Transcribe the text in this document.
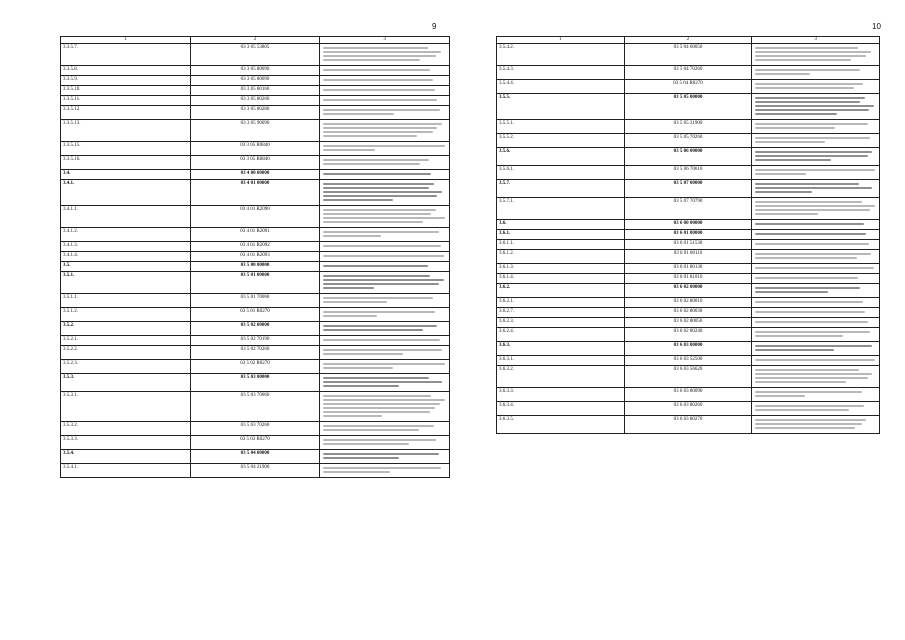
9	10
1	2	3
3.3.5.7.	03 3 05 53805	

3.3.5.8.	03 3 05 80090	

3.3.5.9.	03 3 05 80090	

3.3.5.10.	03 3 05 80160	

3.3.5.11.	03 3 05 80260	

3.3.5.12.	03 3 05 80280	

3.3.5.13.	03 3 05 90090	

3.3.5.15.	03 3 05 R0840	

3.3.5.16.	03 3 05 R0840	

3.4.	03 4 00 00000	

3.4.1.	03 4 01 00000	

3.4.1.1.	03 4 01 R2090	

3.4.1.2.	03 4 01 R2091	

3.4.1.3.	03 4 01 R2092	

3.4.1.4.	03 4 01 R2093	

3.5.	03 5 00 00000	

3.5.1.	03 5 01 00000	

3.5.1.1.	03 5 01 70060	

3.5.1.2.	03 5 01 R0270	

3.5.2.	03 5 02 00000	

3.5.2.1.	03 5 02 70190	

3.5.2.2.	03 5 02 70260	

3.5.2.3.	03 5 02 R0270	

3.5.3.	03 5 03 00000	

3.5.3.1.	03 5 03 70060	

3.5.3.2.	03 5 03 70260	

3.5.3.3.	03 5 03 R0270	

3.5.4.	03 5 04 00000	

3.5.4.1.	03 5 04 21900	
1	2	3
3.5.4.2.	03 5 04 60050	

3.5.4.3.	03 5 04 70260	

3.5.4.4.	03 5 04 R0270	

3.5.5.	03 5 05 00000	

3.5.5.1.	03 5 05 21900	

3.5.5.2.	03 5 05 70260	

3.5.6.	03 5 06 00000	

3.5.6.1.	03 5 06 70610	

3.5.7.	03 5 07 00000	

3.5.7.1.	03 5 07 70790	

3.6.	03 6 00 00000	

3.6.1.	03 6 01 00000	

3.6.1.1.	03 6 01 51530	

3.6.1.2.	03 6 01 80110	

3.6.1.3.	03 6 01 80130	

3.6.1.4.	03 6 01 81010	

3.6.2.	03 6 02 00000	

3.6.2.1.	03 6 02 80010	

3.6.2.7.	03 6 02 80030	

3.6.2.3.	03 6 02 80050	

3.6.2.4.	03 6 02 80240	

3.6.3.	03 6 03 00000	

3.6.3.1.	03 6 03 52500	

3.6.3.2.	03 6 03 56620	

3.6.3.3.	03 6 03 80090	

3.6.3.4.	03 6 03 80260	

3.6.3.5.	03 6 03 80270	
